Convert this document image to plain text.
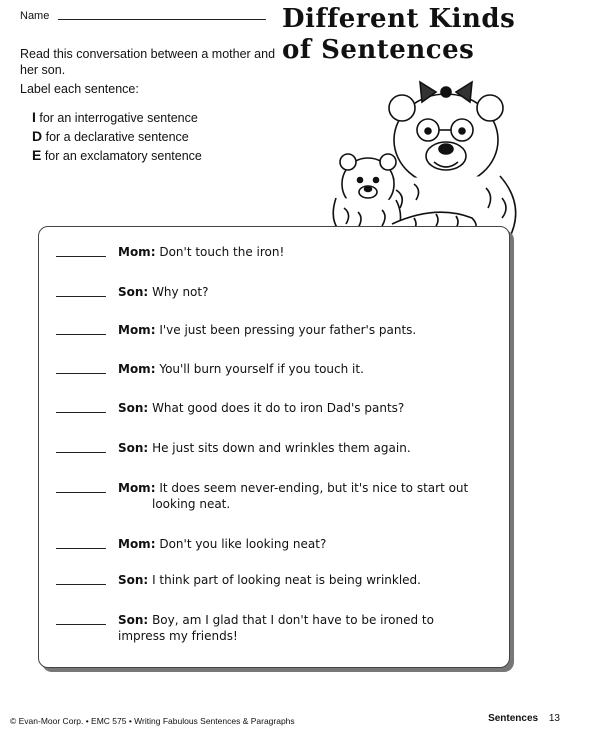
Name	Different Kinds
of Sentences
Read this conversation between a mother and her son.
Label each sentence:
I for an interrogative sentence
D for a declarative sentence
E for an exclamatory sentence
Mom: Don't touch the iron!
Son: Why not?
Mom: I've just been pressing your father's pants.
Mom: You'll burn yourself if you touch it.
Son: What good does it do to iron Dad's pants?
Son: He just sits down and wrinkles them again.
Mom: It does seem never-ending, but it's nice to start out
looking neat.
Mom: Don't you like looking neat?
Son: I think part of looking neat is being wrinkled.
Son: Boy, am I glad that I don't have to be ironed to
impress my friends!
© Evan-Moor Corp. • EMC 575 • Writing Fabulous Sentences & Paragraphs	Sentences 13
